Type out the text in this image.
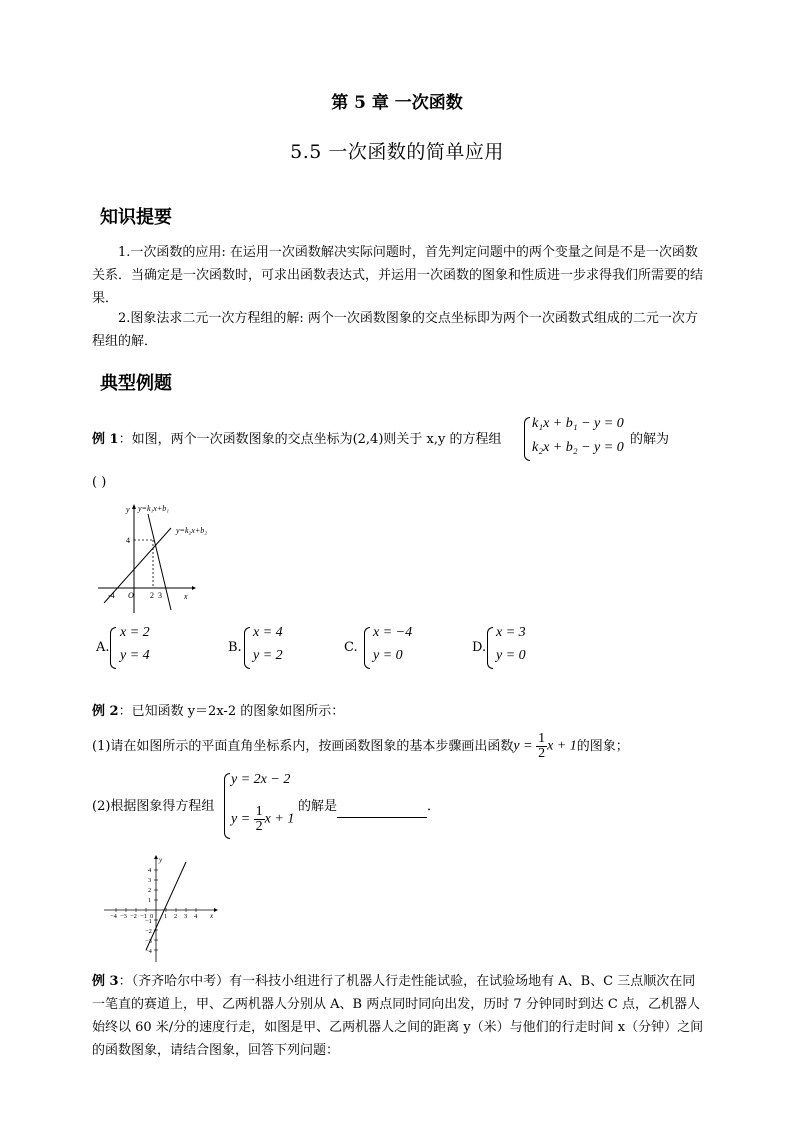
第 5 章 一次函数
5.5 一次函数的简单应用
知识提要
1.一次函数的应用: 在运用一次函数解决实际问题时，首先判定问题中的两个变量之间是不是一次函数关系．当确定是一次函数时，可求出函数表达式，并运用一次函数的图象和性质进一步求得我们所需要的结果．
2.图象法求二元一次方程组的解: 两个一次函数图象的交点坐标即为两个一次函数式组成的二元一次方程组的解．
典型例题
例 1：如图，两个一次函数图象的交点坐标为(2,4)则关于 x,y 的方程组
k₁x + b₁ − y = 0
k₂x + b₂ − y = 0
的解为
( )
y=k₁x+b₁
y=k₂x+b₂
y
x
4
-4 O 2 3
A.
x = 2
y = 4
B.
x = 4
y = 2
C.
x = −4
y = 0
D.
x = 3
y = 0
例 2：已知函数 y＝2x-2 的图象如图所示：
(1)请在如图所示的平面直角坐标系内，按画函数图象的基本步骤画出函数$y = \frac{1}{2}$ x + 1的图象；
(2)根据图象得方程组
y = 2x − 2
$y = \frac{1}{2}$ x + 1
的解是	．
y
x
−4 −3 −2 −1 0 1 2 3 4
4
3
2
1
−1
−2
−3
−4
例 3：（齐齐哈尔中考）有一科技小组进行了机器人行走性能试验，在试验场地有 A、B、C 三点顺次在同一笔直的赛道上，甲、乙两机器人分别从 A、B 两点同时同向出发，历时 7 分钟同时到达 C 点，乙机器人始终以 60 米/分的速度行走，如图是甲、乙两机器人之间的距离 y（米）与他们的行走时间 x（分钟）之间的函数图象，请结合图象，回答下列问题：
